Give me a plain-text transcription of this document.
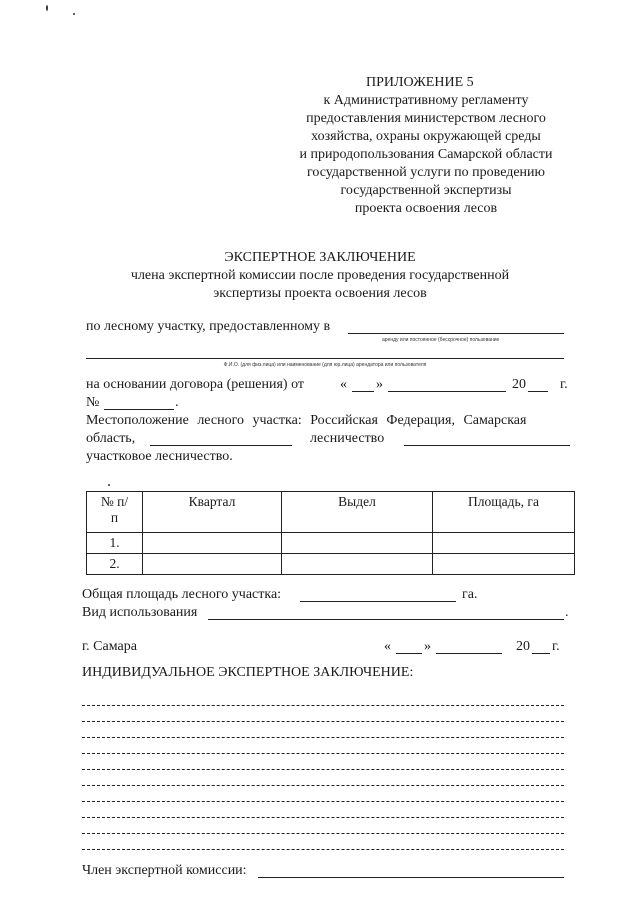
ПРИЛОЖЕНИЕ 5
к Административному регламенту
предоставления министерством лесного
хозяйства, охраны окружающей среды
и природопользования Самарской области
государственной услуги по проведению
государственной экспертизы
проекта освоения лесов
ЭКСПЕРТНОЕ ЗАКЛЮЧЕНИЕ
члена экспертной комиссии после проведения государственной
экспертизы проекта освоения лесов
по лесному участку, предоставленному в
аренду или постоянное (бессрочное) пользование
Ф.И.О. (для физ.лица) или наименование (для юр.лица) арендатора или пользователя
на основании договора (решения) от	« »	20 г.
№	.
Местоположение лесного участка: Российская Федерация, Самарская
область,	лесничество
участковое лесничество.
№ п/п	Квартал	Выдел	Площадь, га
1.			
2.			
Общая площадь лесного участка:	га.
Вид использования	.
г. Самара	« »	20 г.
ИНДИВИДУАЛЬНОЕ ЭКСПЕРТНОЕ ЗАКЛЮЧЕНИЕ:
Член экспертной комиссии:
